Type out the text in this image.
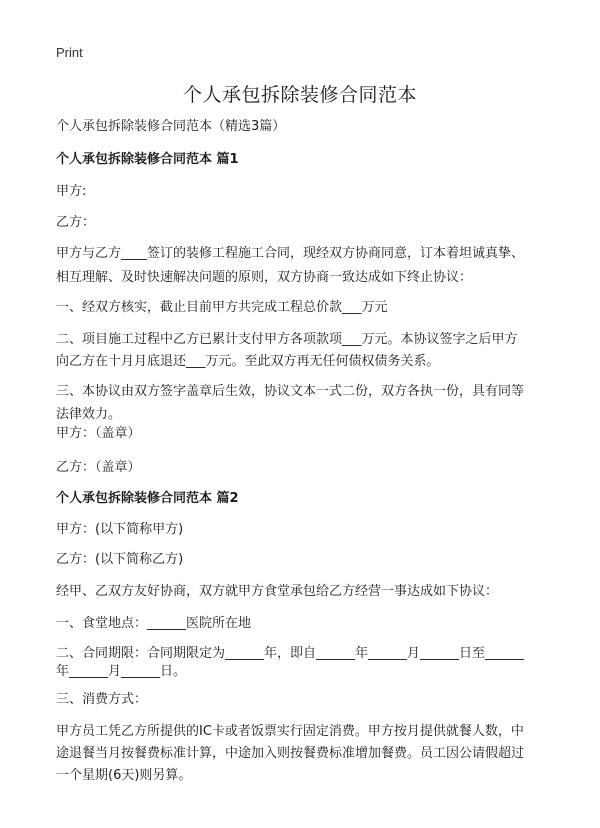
Print
个人承包拆除装修合同范本

个人承包拆除装修合同范本（精选3篇）

个人承包拆除装修合同范本 篇1

甲方:

乙方：

甲方与乙方____签订的装修工程施工合同，现经双方协商同意，订本着坦诚真挚、

相互理解、及时快速解决问题的原则，双方协商一致达成如下终止协议：

一、经双方核实，截止目前甲方共完成工程总价款___万元

二、项目施工过程中乙方已累计支付甲方各项款项___万元。本协议签字之后甲方

向乙方在十月月底退还___万元。至此双方再无任何债权债务关系。

三、本协议由双方签字盖章后生效，协议文本一式二份，双方各执一份，具有同等

法律效力。

甲方：（盖章）

乙方：（盖章）

个人承包拆除装修合同范本 篇2

甲方：(以下简称甲方)

乙方：(以下简称乙方)

经甲、乙双方友好协商，双方就甲方食堂承包给乙方经营一事达成如下协议：

一、食堂地点：______医院所在地

二、合同期限：合同期限定为______年，即自______年______月______日至______

年______月______日。

三、消费方式：

甲方员工凭乙方所提供的IC卡或者饭票实行固定消费。甲方按月提供就餐人数，中

途退餐当月按餐费标准计算，中途加入则按餐费标准增加餐费。员工因公请假超过

一个星期(6天)则另算。
